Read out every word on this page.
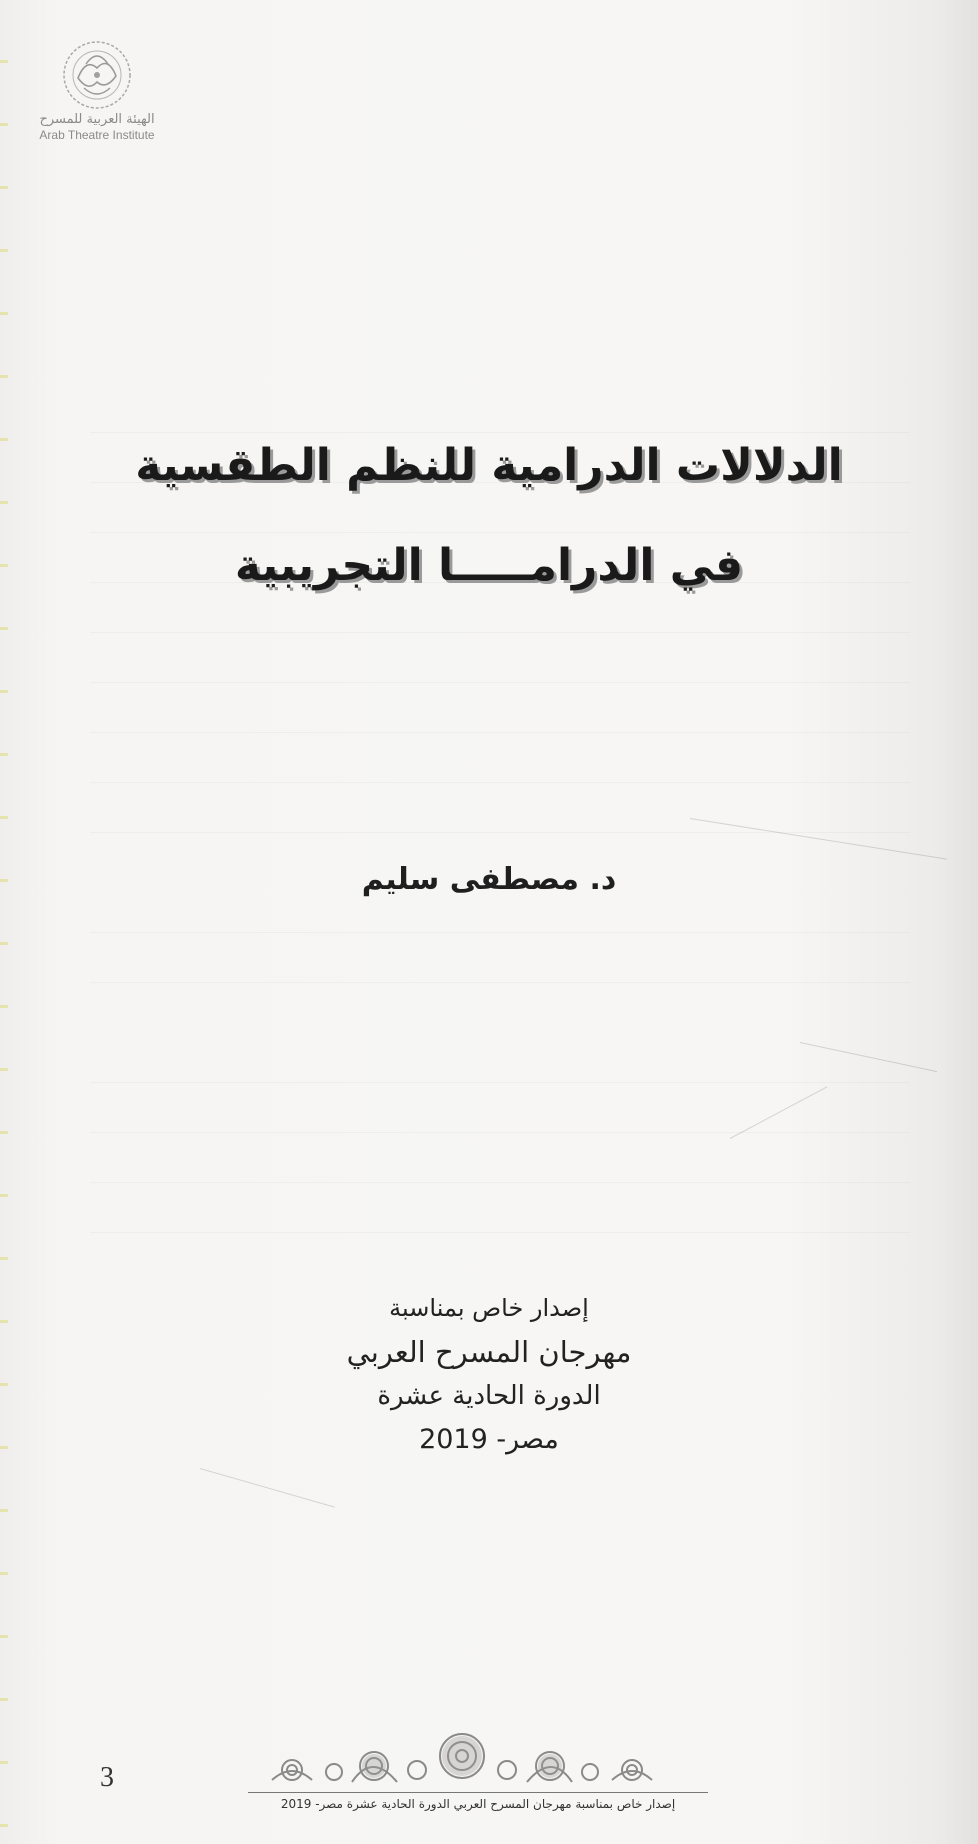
الهيئة العربية للمسرح
Arab Theatre Institute
الدلالات الدرامية للنظم الطقسية
في الدرامـــــا التجريبية
د. مصطفى سليم
إصدار خاص بمناسبة
مهرجان المسرح العربي
الدورة الحادية عشرة
مصر- 2019
إصدار خاص بمناسبة مهرجان المسرح العربي الدورة الحادية عشرة مصر- 2019
3
